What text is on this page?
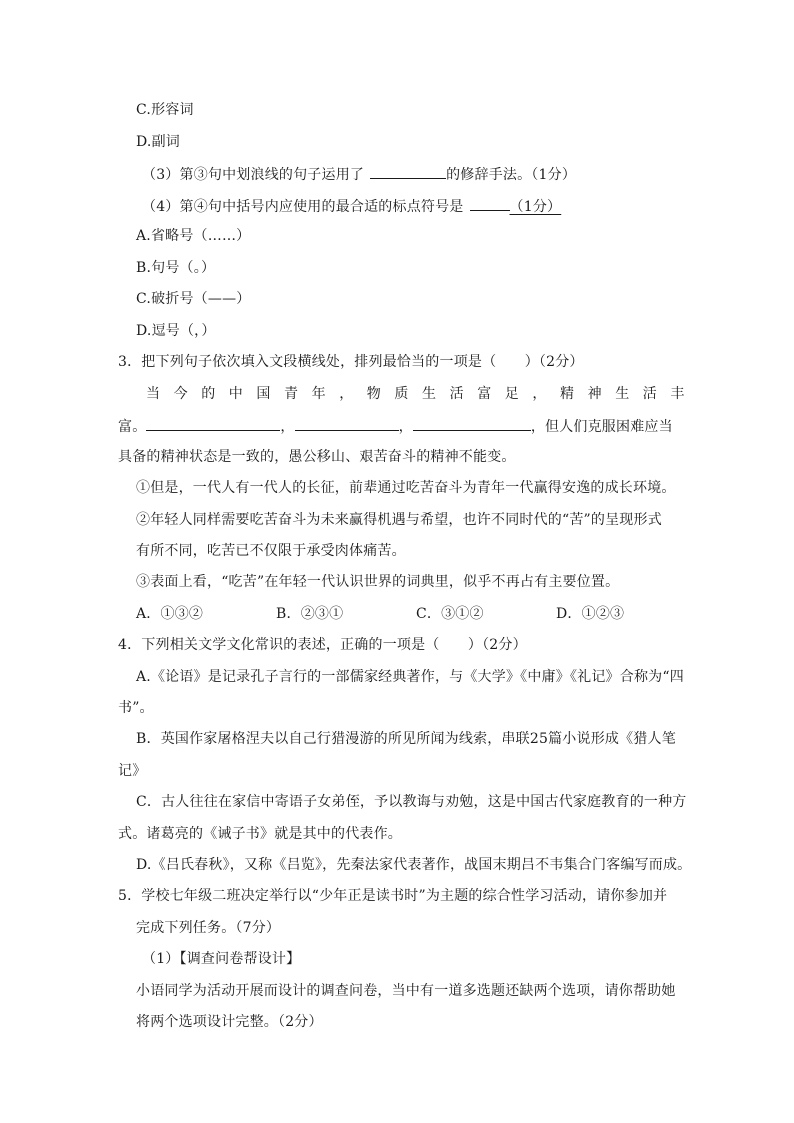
C.形容词
D.副词
（3）第③句中划浪线的句子运用了	的修辞手法。（1分）
（4）第④句中括号内应使用的最合适的标点符号是	（1分）
A.省略号（……）
B.句号（。）
C.破折号（——）
D.逗号（，）
3．把下列句子依次填入文段横线处，排列最恰当的一项是（　　）（2分）
当今的中国青年，物质生活富足，精神生活丰
富。	，	，	，但人们克服困难应当
具备的精神状态是一致的，愚公移山、艰苦奋斗的精神不能变。
①但是，一代人有一代人的长征，前辈通过吃苦奋斗为青年一代赢得安逸的成长环境。
②年轻人同样需要吃苦奋斗为未来赢得机遇与希望，也许不同时代的“苦”的呈现形式
有所不同，吃苦已不仅限于承受肉体痛苦。
③表面上看，“吃苦”在年轻一代认识世界的词典里，似乎不再占有主要位置。
A．①③②	B．②③①	C．③①②	D．①②③
4．下列相关文学文化常识的表述，正确的一项是（　　）（2分）
A.《论语》是记录孔子言行的一部儒家经典著作，与《大学》《中庸》《礼记》合称为“四
书”。
B．英国作家屠格涅夫以自己行猎漫游的所见所闻为线索，串联25篇小说形成《猎人笔
记》
C．古人往往在家信中寄语子女弟侄，予以教诲与劝勉，这是中国古代家庭教育的一种方
式。诸葛亮的《诫子书》就是其中的代表作。
D.《吕氏春秋》，又称《吕览》，先秦法家代表著作，战国末期吕不韦集合门客编写而成。
5．学校七年级二班决定举行以“少年正是读书时”为主题的综合性学习活动，请你参加并
完成下列任务。（7分）
（1）【调查问卷帮设计】
小语同学为活动开展而设计的调查问卷，当中有一道多选题还缺两个选项，请你帮助她
将两个选项设计完整。（2分）
